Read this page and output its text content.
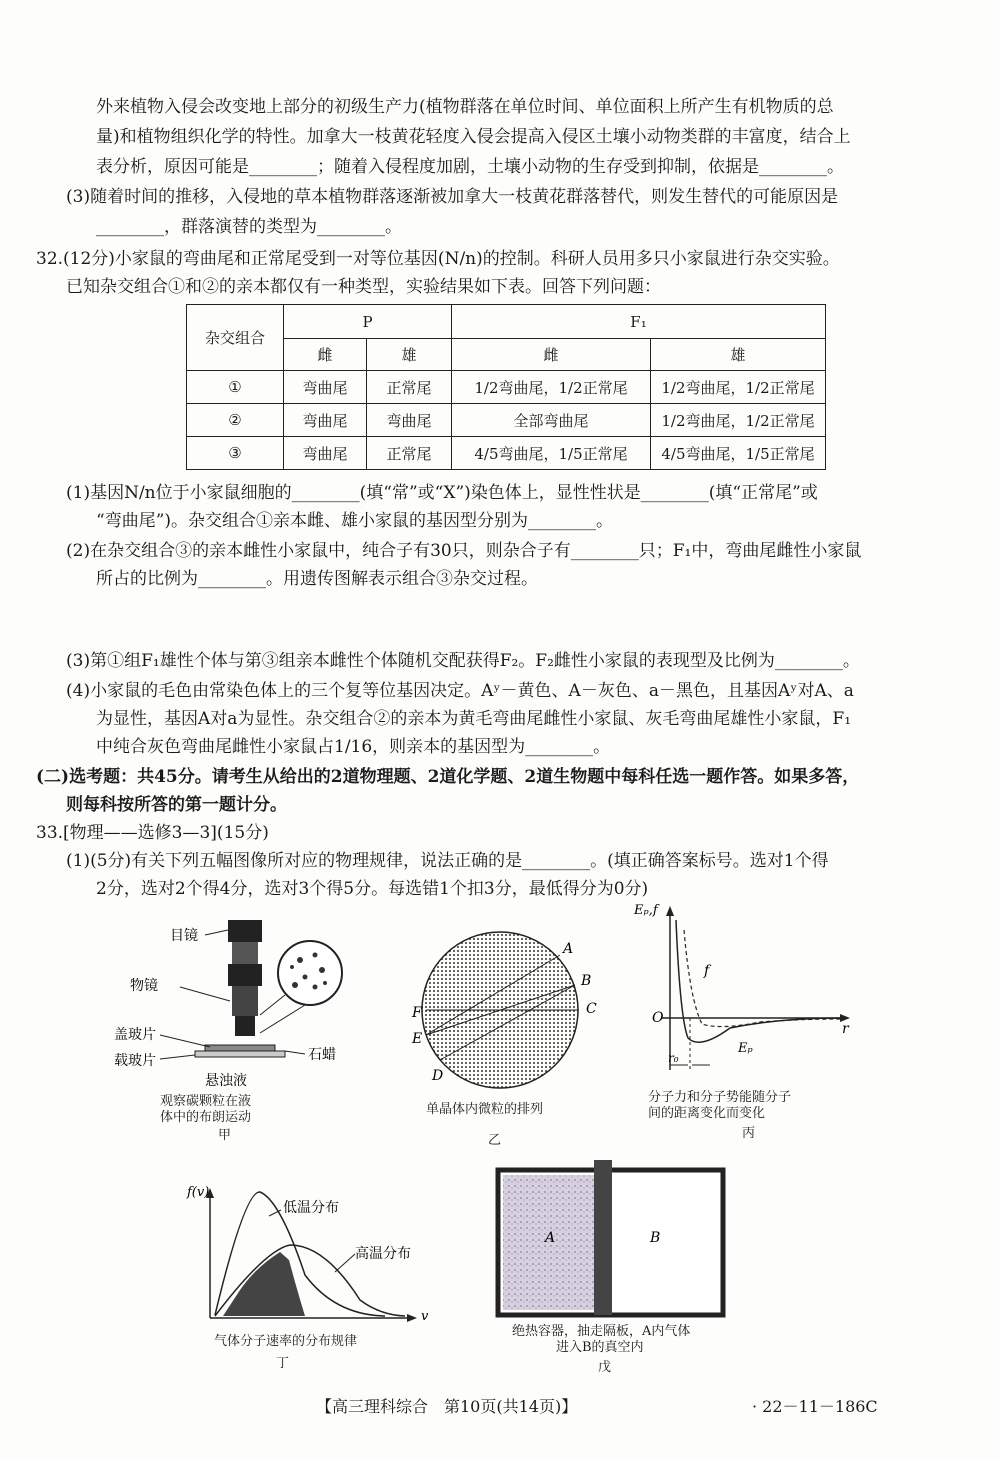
外来植物入侵会改变地上部分的初级生产力(植物群落在单位时间、单位面积上所产生有机物质的总
量)和植物组织化学的特性。加拿大一枝黄花轻度入侵会提高入侵区土壤小动物类群的丰富度，结合上
表分析，原因可能是________；随着入侵程度加剧，土壤小动物的生存受到抑制，依据是________。
(3)随着时间的推移，入侵地的草本植物群落逐渐被加拿大一枝黄花群落替代，则发生替代的可能原因是
________，群落演替的类型为________。
32.(12分)小家鼠的弯曲尾和正常尾受到一对等位基因(N/n)的控制。科研人员用多只小家鼠进行杂交实验。
已知杂交组合①和②的亲本都仅有一种类型，实验结果如下表。回答下列问题：
杂交组合	P		F₁	
	雌	雄	雌	雄
①	弯曲尾	正常尾	1/2弯曲尾，1/2正常尾	1/2弯曲尾，1/2正常尾
②	弯曲尾	弯曲尾	全部弯曲尾	1/2弯曲尾，1/2正常尾
③	弯曲尾	正常尾	4/5弯曲尾，1/5正常尾	4/5弯曲尾，1/5正常尾
(1)基因N/n位于小家鼠细胞的________(填“常”或“X”)染色体上，显性性状是________(填“正常尾”或
“弯曲尾”)。杂交组合①亲本雌、雄小家鼠的基因型分别为________。
(2)在杂交组合③的亲本雌性小家鼠中，纯合子有30只，则杂合子有________只；F₁中，弯曲尾雌性小家鼠
所占的比例为________。用遗传图解表示组合③杂交过程。
(3)第①组F₁雄性个体与第③组亲本雌性个体随机交配获得F₂。F₂雌性小家鼠的表现型及比例为________。
(4)小家鼠的毛色由常染色体上的三个复等位基因决定。Aʸ－黄色、A－灰色、a－黑色，且基因Aʸ对A、a
为显性，基因A对a为显性。杂交组合②的亲本为黄毛弯曲尾雌性小家鼠、灰毛弯曲尾雄性小家鼠，F₁
中纯合灰色弯曲尾雌性小家鼠占1/16，则亲本的基因型为________。
(二)选考题：共45分。请考生从给出的2道物理题、2道化学题、2道生物题中每科任选一题作答。如果多答，
则每科按所答的第一题计分。
33.[物理——选修3—3](15分)
(1)(5分)有关下列五幅图像所对应的物理规律，说法正确的是________。(填正确答案标号。选对1个得
2分，选对2个得4分，选对3个得5分。每选错1个扣3分，最低得分为0分)
目镜
物镜
盖玻片
载玻片	石蜡
悬浊液
观察碳颗粒在液
体中的布朗运动
甲
A
B
C
D
E
F
单晶体内微粒的排列
乙
Eₚ,f
f
O
r
r₀
Eₚ
分子力和分子势能随分子
间的距离变化而变化
丙
f(v)
v
低温分布
高温分布
气体分子速率的分布规律
丁
A	B
绝热容器，抽走隔板，A内气体
进入B的真空内
戊
【高三理科综合　第10页(共14页)】	· 22－11－186C
